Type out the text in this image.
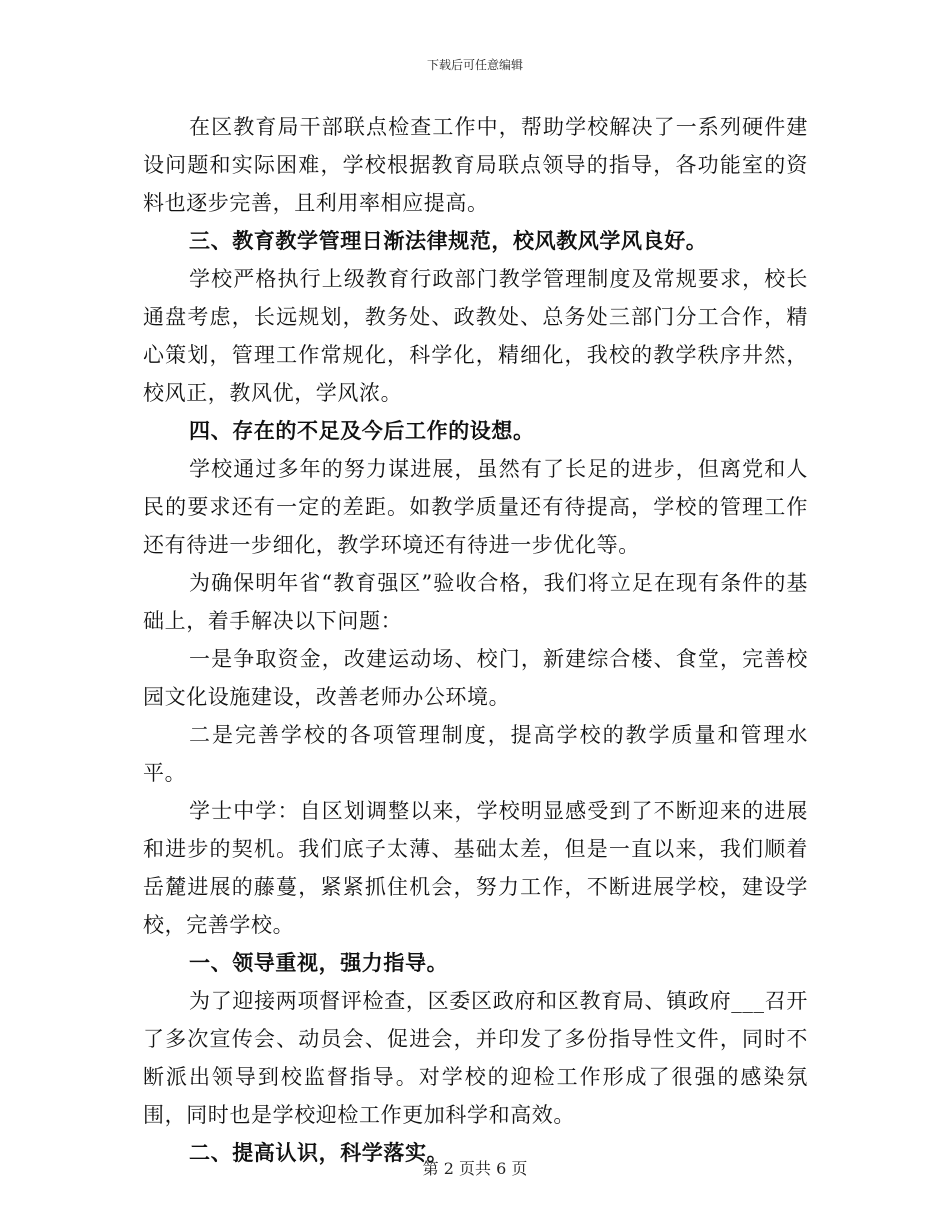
下载后可任意编辑

在区教育局干部联点检查工作中，帮助学校解决了一系列硬件建设问题和实际困难，学校根据教育局联点领导的指导，各功能室的资料也逐步完善，且利用率相应提高。

三、教育教学管理日渐法律规范，校风教风学风良好。

学校严格执行上级教育行政部门教学管理制度及常规要求，校长通盘考虑，长远规划，教务处、政教处、总务处三部门分工合作，精心策划，管理工作常规化，科学化，精细化，我校的教学秩序井然，校风正，教风优，学风浓。

四、存在的不足及今后工作的设想。

学校通过多年的努力谋进展，虽然有了长足的进步，但离党和人民的要求还有一定的差距。如教学质量还有待提高，学校的管理工作还有待进一步细化，教学环境还有待进一步优化等。

为确保明年省“教育强区”验收合格，我们将立足在现有条件的基础上，着手解决以下问题：

一是争取资金，改建运动场、校门，新建综合楼、食堂，完善校园文化设施建设，改善老师办公环境。

二是完善学校的各项管理制度，提高学校的教学质量和管理水平。

学士中学：自区划调整以来，学校明显感受到了不断迎来的进展和进步的契机。我们底子太薄、基础太差，但是一直以来，我们顺着岳麓进展的藤蔓，紧紧抓住机会，努力工作，不断进展学校，建设学校，完善学校。

一、领导重视，强力指导。

为了迎接两项督评检查，区委区政府和区教育局、镇政府___召开了多次宣传会、动员会、促进会，并印发了多份指导性文件，同时不断派出领导到校监督指导。对学校的迎检工作形成了很强的感染氛围，同时也是学校迎检工作更加科学和高效。

二、提高认识，科学落实。

第 2 页共 6 页
